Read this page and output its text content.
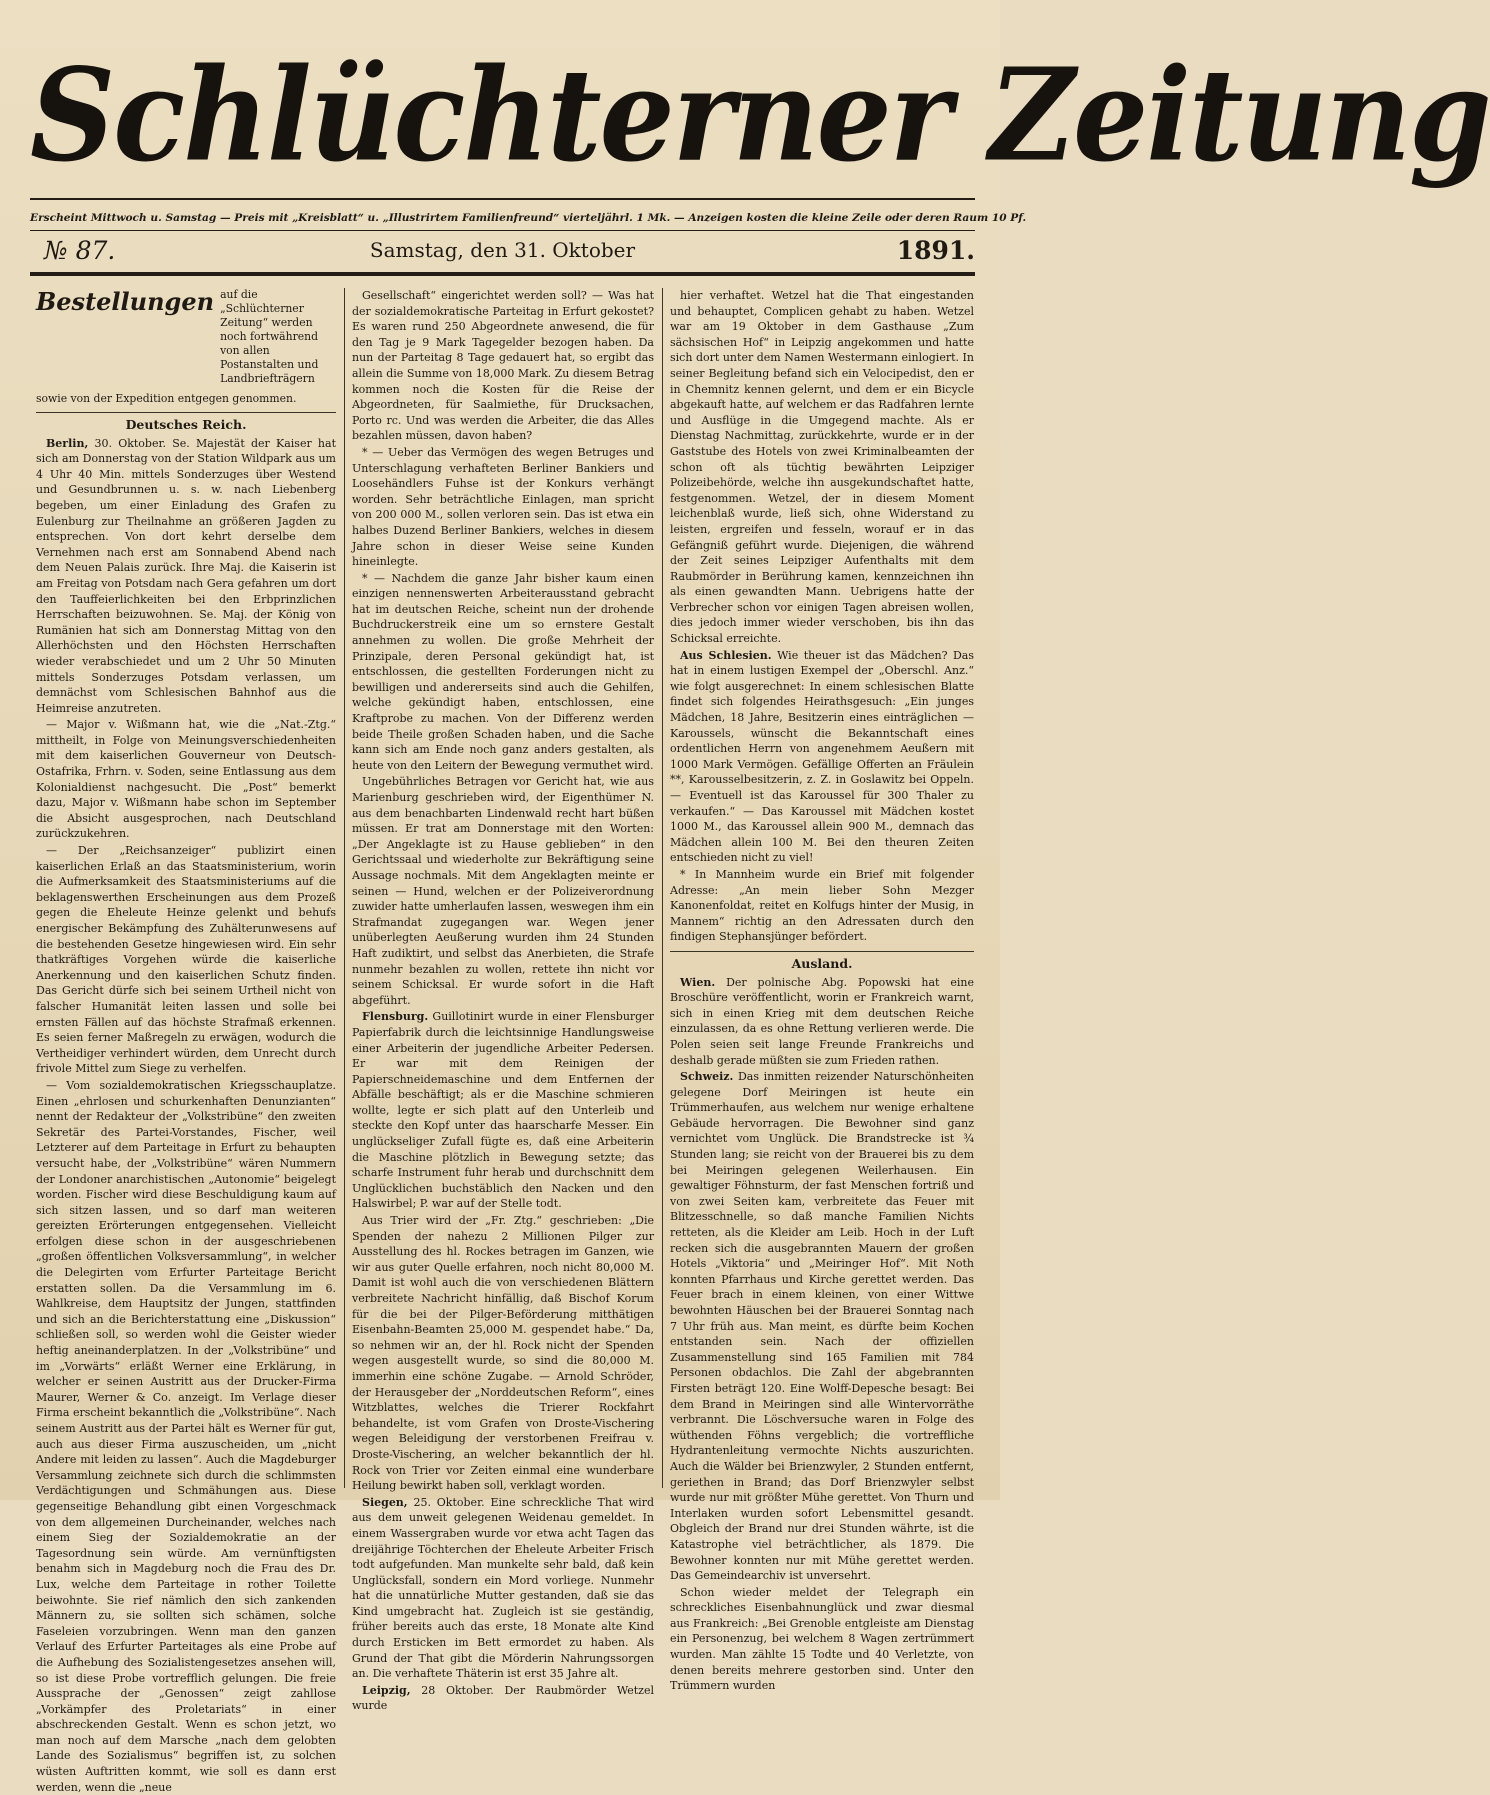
Schlüchterner Zeitung
Erscheint Mittwoch u. Samstag — Preis mit „Kreisblatt“ u. „Illustrirtem Familienfreund“ vierteljährl. 1 Mk. — Anzeigen kosten die kleine Zeile oder deren Raum 10 Pf.
№ 87.	Samstag, den 31. Oktober	1891.
Bestellungen auf die „Schlüchterner Zeitung“ werden noch fortwährend von allen Postanstalten und Landbriefträgern
sowie von der Expedition entgegen genommen.
Deutsches Reich.

Berlin, 30. Oktober. Se. Majestät der Kaiser hat sich am Donnerstag von der Station Wildpark aus um 4 Uhr 40 Min. mittels Sonderzuges über Westend und Gesundbrunnen u. s. w. nach Liebenberg begeben, um einer Einladung des Grafen zu Eulenburg zur Theilnahme an größeren Jagden zu entsprechen. Von dort kehrt derselbe dem Vernehmen nach erst am Sonnabend Abend nach dem Neuen Palais zurück. Ihre Maj. die Kaiserin ist am Freitag von Potsdam nach Gera gefahren um dort den Tauffeierlichkeiten bei den Erbprinzlichen Herrschaften beizuwohnen. Se. Maj. der König von Rumänien hat sich am Donnerstag Mittag von den Allerhöchsten und den Höchsten Herrschaften wieder verabschiedet und um 2 Uhr 50 Minuten mittels Sonderzuges Potsdam verlassen, um demnächst vom Schlesischen Bahnhof aus die Heimreise anzutreten.

— Major v. Wißmann hat, wie die „Nat.-Ztg.“ mittheilt, in Folge von Meinungsverschiedenheiten mit dem kaiserlichen Gouverneur von Deutsch-Ostafrika, Frhrn. v. Soden, seine Entlassung aus dem Kolonialdienst nachgesucht. Die „Post“ bemerkt dazu, Major v. Wißmann habe schon im September die Absicht ausgesprochen, nach Deutschland zurückzukehren.

— Der „Reichsanzeiger“ publizirt einen kaiserlichen Erlaß an das Staatsministerium, worin die Aufmerksamkeit des Staatsministeriums auf die beklagenswerthen Erscheinungen aus dem Prozeß gegen die Eheleute Heinze gelenkt und behufs energischer Bekämpfung des Zuhälterunwesens auf die bestehenden Gesetze hingewiesen wird. Ein sehr thatkräftiges Vorgehen würde die kaiserliche Anerkennung und den kaiserlichen Schutz finden. Das Gericht dürfe sich bei seinem Urtheil nicht von falscher Humanität leiten lassen und solle bei ernsten Fällen auf das höchste Strafmaß erkennen. Es seien ferner Maßregeln zu erwägen, wodurch die Vertheidiger verhindert würden, dem Unrecht durch frivole Mittel zum Siege zu verhelfen.

— Vom sozialdemokratischen Kriegsschauplatze. Einen „ehrlosen und schurkenhaften Denunzianten“ nennt der Redakteur der „Volkstribüne“ den zweiten Sekretär des Partei-Vorstandes, Fischer, weil Letzterer auf dem Parteitage in Erfurt zu behaupten versucht habe, der „Volkstribüne“ wären Nummern der Londoner anarchistischen „Autonomie“ beigelegt worden. Fischer wird diese Beschuldigung kaum auf sich sitzen lassen, und so darf man weiteren gereizten Erörterungen entgegensehen. Vielleicht erfolgen diese schon in der ausgeschriebenen „großen öffentlichen Volksversammlung“, in welcher die Delegirten vom Erfurter Parteitage Bericht erstatten sollen. Da die Versammlung im 6. Wahlkreise, dem Hauptsitz der Jungen, stattfinden und sich an die Berichterstattung eine „Diskussion“ schließen soll, so werden wohl die Geister wieder heftig aneinanderplatzen. In der „Volkstribüne“ und im „Vorwärts“ erläßt Werner eine Erklärung, in welcher er seinen Austritt aus der Drucker-Firma Maurer, Werner & Co. anzeigt. Im Verlage dieser Firma erscheint bekanntlich die „Volkstribüne“. Nach seinem Austritt aus der Partei hält es Werner für gut, auch aus dieser Firma auszuscheiden, um „nicht Andere mit leiden zu lassen“. Auch die Magdeburger Versammlung zeichnete sich durch die schlimmsten Verdächtigungen und Schmähungen aus. Diese gegenseitige Behandlung gibt einen Vorgeschmack von dem allgemeinen Durcheinander, welches nach einem Sieg der Sozialdemokratie an der Tagesordnung sein würde. Am vernünftigsten benahm sich in Magdeburg noch die Frau des Dr. Lux, welche dem Parteitage in rother Toilette beiwohnte. Sie rief nämlich den sich zankenden Männern zu, sie sollten sich schämen, solche Faseleien vorzubringen. Wenn man den ganzen Verlauf des Erfurter Parteitages als eine Probe auf die Aufhebung des Sozialistengesetzes ansehen will, so ist diese Probe vortrefflich gelungen. Die freie Aussprache der „Genossen“ zeigt zahllose „Vorkämpfer des Proletariats“ in einer abschreckenden Gestalt. Wenn es schon jetzt, wo man noch auf dem Marsche „nach dem gelobten Lande des Sozialismus“ begriffen ist, zu solchen wüsten Auftritten kommt, wie soll es dann erst werden, wenn die „neue

Gesellschaft“ eingerichtet werden soll? — Was hat der sozialdemokratische Parteitag in Erfurt gekostet? Es waren rund 250 Abgeordnete anwesend, die für den Tag je 9 Mark Tagegelder bezogen haben. Da nun der Parteitag 8 Tage gedauert hat, so ergibt das allein die Summe von 18,000 Mark. Zu diesem Betrag kommen noch die Kosten für die Reise der Abgeordneten, für Saalmiethe, für Drucksachen, Porto rc. Und was werden die Arbeiter, die das Alles bezahlen müssen, davon haben?

* — Ueber das Vermögen des wegen Betruges und Unterschlagung verhafteten Berliner Bankiers und Loosehändlers Fuhse ist der Konkurs verhängt worden. Sehr beträchtliche Einlagen, man spricht von 200 000 M., sollen verloren sein. Das ist etwa ein halbes Duzend Berliner Bankiers, welches in diesem Jahre schon in dieser Weise seine Kunden hineinlegte.

* — Nachdem die ganze Jahr bisher kaum einen einzigen nennenswerten Arbeiterausstand gebracht hat im deutschen Reiche, scheint nun der drohende Buchdruckerstreik eine um so ernstere Gestalt annehmen zu wollen. Die große Mehrheit der Prinzipale, deren Personal gekündigt hat, ist entschlossen, die gestellten Forderungen nicht zu bewilligen und andererseits sind auch die Gehilfen, welche gekündigt haben, entschlossen, eine Kraftprobe zu machen. Von der Differenz werden beide Theile großen Schaden haben, und die Sache kann sich am Ende noch ganz anders gestalten, als heute von den Leitern der Bewegung vermuthet wird.

Ungebührliches Betragen vor Gericht hat, wie aus Marienburg geschrieben wird, der Eigenthümer N. aus dem benachbarten Lindenwald recht hart büßen müssen. Er trat am Donnerstage mit den Worten: „Der Angeklagte ist zu Hause geblieben“ in den Gerichtssaal und wiederholte zur Bekräftigung seine Aussage nochmals. Mit dem Angeklagten meinte er seinen — Hund, welchen er der Polizeiverordnung zuwider hatte umherlaufen lassen, weswegen ihm ein Strafmandat zugegangen war. Wegen jener unüberlegten Aeußerung wurden ihm 24 Stunden Haft zudiktirt, und selbst das Anerbieten, die Strafe nunmehr bezahlen zu wollen, rettete ihn nicht vor seinem Schicksal. Er wurde sofort in die Haft abgeführt.

Flensburg. Guillotinirt wurde in einer Flensburger Papierfabrik durch die leichtsinnige Handlungsweise einer Arbeiterin der jugendliche Arbeiter Pedersen. Er war mit dem Reinigen der Papierschneidemaschine und dem Entfernen der Abfälle beschäftigt; als er die Maschine schmieren wollte, legte er sich platt auf den Unterleib und steckte den Kopf unter das haarscharfe Messer. Ein unglückseliger Zufall fügte es, daß eine Arbeiterin die Maschine plötzlich in Bewegung setzte; das scharfe Instrument fuhr herab und durchschnitt dem Unglücklichen buchstäblich den Nacken und den Halswirbel; P. war auf der Stelle todt.

Aus Trier wird der „Fr. Ztg.“ geschrieben: „Die Spenden der nahezu 2 Millionen Pilger zur Ausstellung des hl. Rockes betragen im Ganzen, wie wir aus guter Quelle erfahren, noch nicht 80,000 M. Damit ist wohl auch die von verschiedenen Blättern verbreitete Nachricht hinfällig, daß Bischof Korum für die bei der Pilger-Beförderung mitthätigen Eisenbahn-Beamten 25,000 M. gespendet habe.“ Da, so nehmen wir an, der hl. Rock nicht der Spenden wegen ausgestellt wurde, so sind die 80,000 M. immerhin eine schöne Zugabe. — Arnold Schröder, der Herausgeber der „Norddeutschen Reform“, eines Witzblattes, welches die Trierer Rockfahrt behandelte, ist vom Grafen von Droste-Vischering wegen Beleidigung der verstorbenen Freifrau v. Droste-Vischering, an welcher bekanntlich der hl. Rock von Trier vor Zeiten einmal eine wunderbare Heilung bewirkt haben soll, verklagt worden.

Siegen, 25. Oktober. Eine schreckliche That wird aus dem unweit gelegenen Weidenau gemeldet. In einem Wassergraben wurde vor etwa acht Tagen das dreijährige Töchterchen der Eheleute Arbeiter Frisch todt aufgefunden. Man munkelte sehr bald, daß kein Unglücksfall, sondern ein Mord vorliege. Nunmehr hat die unnatürliche Mutter gestanden, daß sie das Kind umgebracht hat. Zugleich ist sie geständig, früher bereits auch das erste, 18 Monate alte Kind durch Ersticken im Bett ermordet zu haben. Als Grund der That gibt die Mörderin Nahrungssorgen an. Die verhaftete Thäterin ist erst 35 Jahre alt.

Leipzig, 28 Oktober. Der Raubmörder Wetzel wurde

hier verhaftet. Wetzel hat die That eingestanden und behauptet, Complicen gehabt zu haben. Wetzel war am 19 Oktober in dem Gasthause „Zum sächsischen Hof“ in Leipzig angekommen und hatte sich dort unter dem Namen Westermann einlogiert. In seiner Begleitung befand sich ein Velocipedist, den er in Chemnitz kennen gelernt, und dem er ein Bicycle abgekauft hatte, auf welchem er das Radfahren lernte und Ausflüge in die Umgegend machte. Als er Dienstag Nachmittag, zurückkehrte, wurde er in der Gaststube des Hotels von zwei Kriminalbeamten der schon oft als tüchtig bewährten Leipziger Polizeibehörde, welche ihn ausgekundschaftet hatte, festgenommen. Wetzel, der in diesem Moment leichenblaß wurde, ließ sich, ohne Widerstand zu leisten, ergreifen und fesseln, worauf er in das Gefängniß geführt wurde. Diejenigen, die während der Zeit seines Leipziger Aufenthalts mit dem Raubmörder in Berührung kamen, kennzeichnen ihn als einen gewandten Mann. Uebrigens hatte der Verbrecher schon vor einigen Tagen abreisen wollen, dies jedoch immer wieder verschoben, bis ihn das Schicksal erreichte.

Aus Schlesien. Wie theuer ist das Mädchen? Das hat in einem lustigen Exempel der „Oberschl. Anz.“ wie folgt ausgerechnet: In einem schlesischen Blatte findet sich folgendes Heirathsgesuch: „Ein junges Mädchen, 18 Jahre, Besitzerin eines einträglichen — Karoussels, wünscht die Bekanntschaft eines ordentlichen Herrn von angenehmem Aeußern mit 1000 Mark Vermögen. Gefällige Offerten an Fräulein **, Karousselbesitzerin, z. Z. in Goslawitz bei Oppeln. — Eventuell ist das Karoussel für 300 Thaler zu verkaufen.“ — Das Karoussel mit Mädchen kostet 1000 M., das Karoussel allein 900 M., demnach das Mädchen allein 100 M. Bei den theuren Zeiten entschieden nicht zu viel!

* In Mannheim wurde ein Brief mit folgender Adresse: „An mein lieber Sohn Mezger Kanonenfoldat, reitet en Kolfugs hinter der Musig, in Mannem“ richtig an den Adressaten durch den findigen Stephansjünger befördert.

Ausland.

Wien. Der polnische Abg. Popowski hat eine Broschüre veröffentlicht, worin er Frankreich warnt, sich in einen Krieg mit dem deutschen Reiche einzulassen, da es ohne Rettung verlieren werde. Die Polen seien seit lange Freunde Frankreichs und deshalb gerade müßten sie zum Frieden rathen.

Schweiz. Das inmitten reizender Naturschönheiten gelegene Dorf Meiringen ist heute ein Trümmerhaufen, aus welchem nur wenige erhaltene Gebäude hervorragen. Die Bewohner sind ganz vernichtet vom Unglück. Die Brandstrecke ist ¾ Stunden lang; sie reicht von der Brauerei bis zu dem bei Meiringen gelegenen Weilerhausen. Ein gewaltiger Föhnsturm, der fast Menschen fortriß und von zwei Seiten kam, verbreitete das Feuer mit Blitzesschnelle, so daß manche Familien Nichts retteten, als die Kleider am Leib. Hoch in der Luft recken sich die ausgebrannten Mauern der großen Hotels „Viktoria“ und „Meiringer Hof“. Mit Noth konnten Pfarrhaus und Kirche gerettet werden. Das Feuer brach in einem kleinen, von einer Wittwe bewohnten Häuschen bei der Brauerei Sonntag nach 7 Uhr früh aus. Man meint, es dürfte beim Kochen entstanden sein. Nach der offiziellen Zusammenstellung sind 165 Familien mit 784 Personen obdachlos. Die Zahl der abgebrannten Firsten beträgt 120. Eine Wolff-Depesche besagt: Bei dem Brand in Meiringen sind alle Wintervorräthe verbrannt. Die Löschversuche waren in Folge des wüthenden Föhns vergeblich; die vortreffliche Hydrantenleitung vermochte Nichts auszurichten. Auch die Wälder bei Brienzwyler, 2 Stunden entfernt, geriethen in Brand; das Dorf Brienzwyler selbst wurde nur mit größter Mühe gerettet. Von Thurn und Interlaken wurden sofort Lebensmittel gesandt. Obgleich der Brand nur drei Stunden währte, ist die Katastrophe viel beträchtlicher, als 1879. Die Bewohner konnten nur mit Mühe gerettet werden. Das Gemeindearchiv ist unversehrt.

Schon wieder meldet der Telegraph ein schreckliches Eisenbahnunglück und zwar diesmal aus Frankreich: „Bei Grenoble entgleiste am Dienstag ein Personenzug, bei welchem 8 Wagen zertrümmert wurden. Man zählte 15 Todte und 40 Verletzte, von denen bereits mehrere gestorben sind. Unter den Trümmern wurden
